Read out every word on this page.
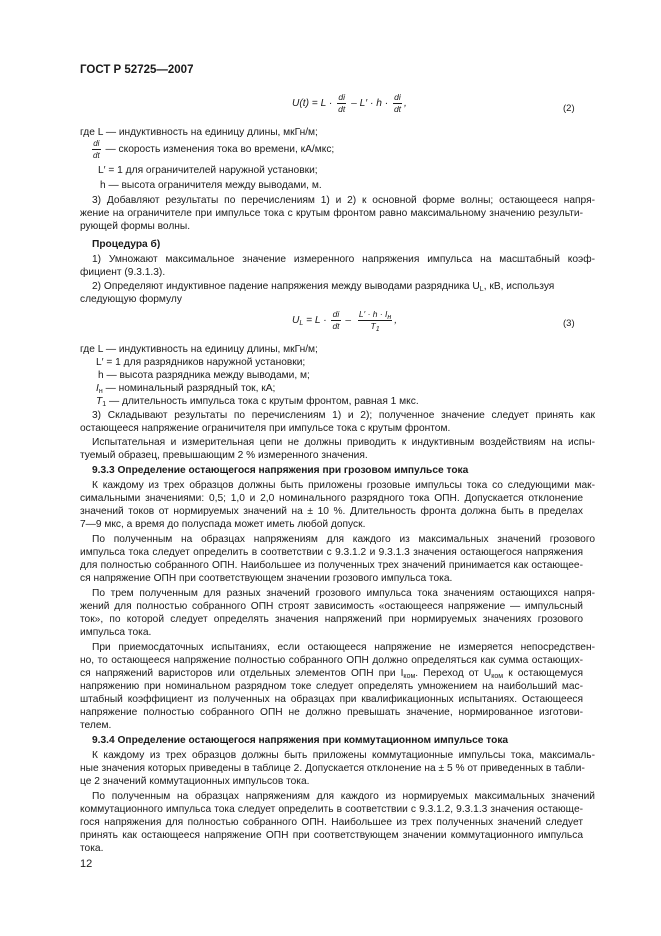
ГОСТ Р 52725—2007
$U(t) = L \cdot \frac{di}{dt} - L' \cdot h \cdot \frac{di}{dt}$ ,	(2)
где L — индуктивность на единицу длины, мкГн/м;
$\frac{di}{dt}$ — скорость изменения тока во времени, кА/мкс;
L′ = 1 для ограничителей наружной установки;
h — высота ограничителя между выводами, м.
3) Добавляют результаты по перечислениям 1) и 2) к основной форме волны; остающееся напря-
жение на ограничителе при импульсе тока с крутым фронтом равно максимальному значению результи-
рующей формы волны.
Процедура б)
1) Умножают максимальное значение измеренного напряжения импульса на масштабный коэф-
фициент (9.3.1.3).
2) Определяют индуктивное падение напряжения между выводами разрядника $U_L$, кВ, используя
следующую формулу
$U_L = L \cdot \frac{di}{dt} - \frac{L' \cdot h \cdot I_н}{T_1}$ ,	(3)
где L — индуктивность на единицу длины, мкГн/м;
L′ = 1 для разрядников наружной установки;
h — высота разрядника между выводами, м;
$I_н$ — номинальный разрядный ток, кА;
$T_1$ — длительность импульса тока с крутым фронтом, равная 1 мкс.
3) Складывают результаты по перечислениям 1) и 2); полученное значение следует принять как
остающееся напряжение ограничителя при импульсе тока с крутым фронтом.
Испытательная и измерительная цепи не должны приводить к индуктивным воздействиям на испы-
туемый образец, превышающим 2 % измеренного значения.
9.3.3 Определение остающегося напряжения при грозовом импульсе тока
К каждому из трех образцов должны быть приложены грозовые импульсы тока со следующими мак-
симальными значениями: 0,5; 1,0 и 2,0 номинального разрядного тока ОПН. Допускается отклонение
значений токов от нормируемых значений на ± 10 %. Длительность фронта должна быть в пределах
7—9 мкс, а время до полуспада может иметь любой допуск.
По полученным на образцах напряжениям для каждого из максимальных значений грозового
импульса тока следует определить в соответствии с 9.3.1.2 и 9.3.1.3 значения остающегося напряжения
для полностью собранного ОПН. Наибольшее из полученных трех значений принимается как остающее-
ся напряжение ОПН при соответствующем значении грозового импульса тока.
По трем полученным для разных значений грозового импульса тока значениям остающихся напря-
жений для полностью собранного ОПН строят зависимость «остающееся напряжение — импульсный
ток», по которой следует определять значения напряжений при нормируемых значениях грозового
импульса тока.
При приемосдаточных испытаниях, если остающееся напряжение не измеряется непосредствен-
но, то остающееся напряжение полностью собранного ОПН должно определяться как сумма остающих-
ся напряжений варисторов или отдельных элементов ОПН при $I_{ком}$. Переход от $U_{ком}$ к остающемуся
напряжению при номинальном разрядном токе следует определять умножением на наибольший мас-
штабный коэффициент из полученных на образцах при квалификационных испытаниях. Остающееся
напряжение полностью собранного ОПН не должно превышать значение, нормированное изготови-
телем.
9.3.4 Определение остающегося напряжения при коммутационном импульсе тока
К каждому из трех образцов должны быть приложены коммутационные импульсы тока, максималь-
ные значения которых приведены в таблице 2. Допускается отклонение на ± 5 % от приведенных в табли-
це 2 значений коммутационных импульсов тока.
По полученным на образцах напряжениям для каждого из нормируемых максимальных значений
коммутационного импульса тока следует определить в соответствии с 9.3.1.2, 9.3.1.3 значения остающе-
гося напряжения для полностью собранного ОПН. Наибольшее из трех полученных значений следует
принять как остающееся напряжение ОПН при соответствующем значении коммутационного импульса
тока.
12
